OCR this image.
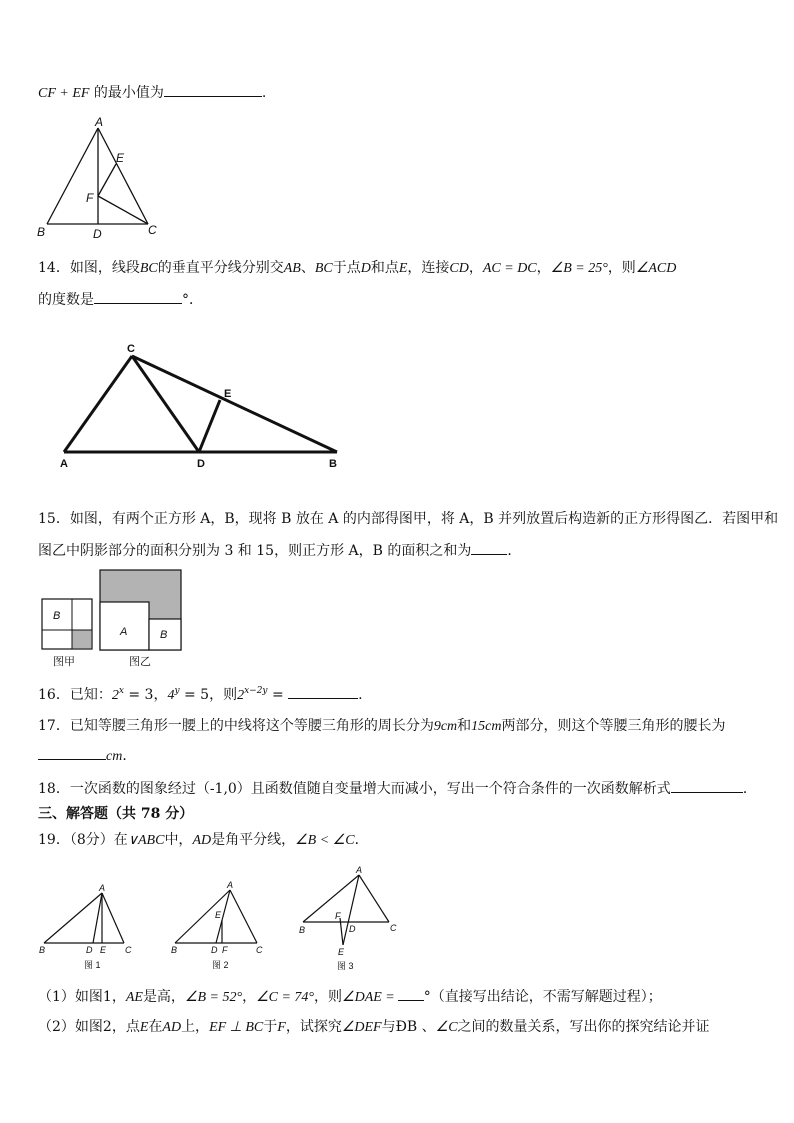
CF + EF 的最小值为	.
A
E
F
B	D	C
14．如图，线段BC的垂直平分线分别交AB、BC于点D和点E，连接CD，AC = DC，∠B = 25°，则∠ACD
的度数是	°．
C
E
A	D	B
15．如图，有两个正方形 A，B，现将 B 放在 A 的内部得图甲，将 A，B 并列放置后构造新的正方形得图乙．若图甲和
图乙中阴影部分的面积分别为 3 和 15，则正方形 A，B 的面积之和为	．
B
A	B
图甲	图乙
16．已知：$2^x = 3$，$4^y = 5$，则$2^{x-2y}$ =	.
17．已知等腰三角形一腰上的中线将这个等腰三角形的周长分为9cm和15cm两部分，则这个等腰三角形的腰长为
cm．
18．一次函数的图象经过（-1,0）且函数值随自变量增大而减小，写出一个符合条件的一次函数解析式	．
三、解答题（共 78 分）
19．（8分）在∨ABC中，AD是角平分线，∠B < ∠C．
A
B	D E C
A
E
B	D F	C
A
F
D
B	C
E
图 1	图 2	图 3
（1）如图1，AE是高，∠B = 52°，∠C = 74°，则∠DAE = °（直接写出结论，不需写解题过程）；
（2）如图2，点E在AD上，EF ⊥ BC于F，试探究∠DEF与ÐB 、∠C之间的数量关系，写出你的探究结论并证
